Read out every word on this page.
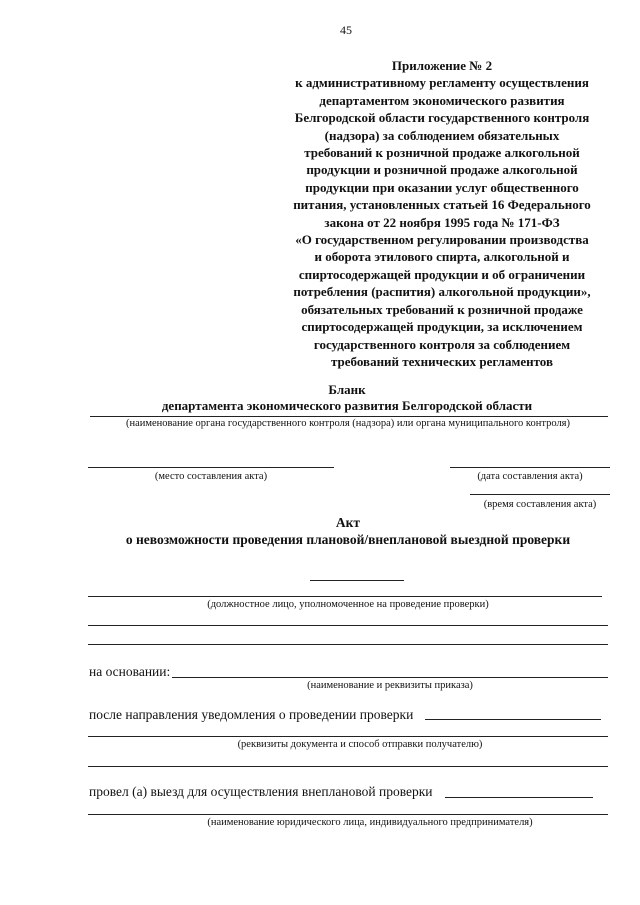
45
Приложение № 2
к административному регламенту осуществления
департаментом экономического развития
Белгородской области государственного контроля
(надзора) за соблюдением обязательных
требований к розничной продаже алкогольной
продукции и розничной продаже алкогольной
продукции при оказании услуг общественного
питания, установленных статьей 16 Федерального
закона от 22 ноября 1995 года № 171-ФЗ
«О государственном регулировании производства
и оборота этилового спирта, алкогольной и
спиртосодержащей продукции и об ограничении
потребления (распития) алкогольной продукции»,
обязательных требований к розничной продаже
спиртосодержащей продукции, за исключением
государственного контроля за соблюдением
требований технических регламентов
Бланк
департамента экономического развития Белгородской области
(наименование органа государственного контроля (надзора) или органа муниципального контроля)
(место составления акта)	(дата составления акта)
(время составления акта)
Акт
о невозможности проведения плановой/внеплановой выездной проверки
(должностное лицо, уполномоченное на проведение проверки)
на основании:
(наименование и реквизиты приказа)
после направления уведомления о проведении проверки
(реквизиты документа и способ отправки получателю)
провел (а) выезд для осуществления внеплановой проверки
(наименование юридического лица, индивидуального предпринимателя)
